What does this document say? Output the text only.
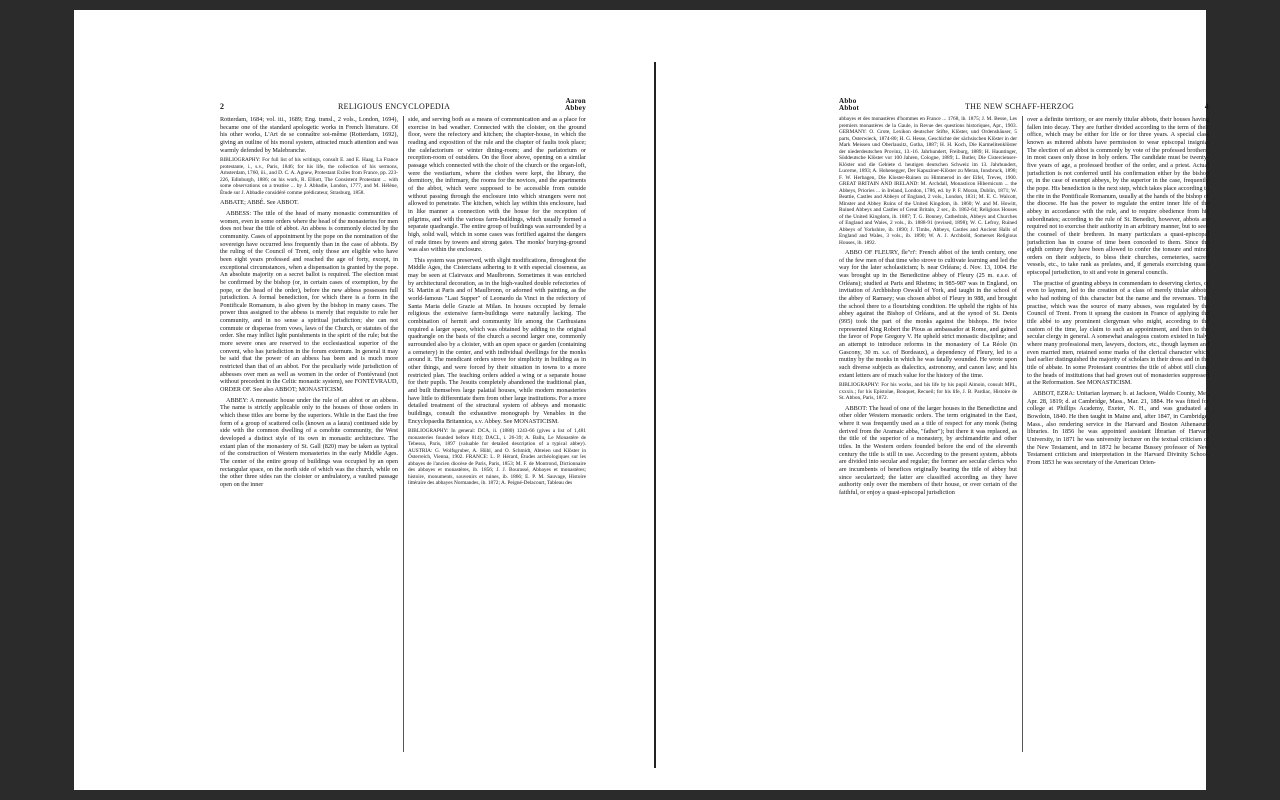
2	RELIGIOUS ENCYCLOPEDIA
Aaron
Abbey

Rotterdam, 1684; vol. iii., 1689; Eng. transl., 2 vols., London, 1694), became one of the standard apologetic works in French literature. Of his other works, L'Art de se connaître soi-même (Rotterdam, 1692), giving an outline of his moral system, attracted much attention and was warmly defended by Malebranche.

BIBLIOGRAPHY: For full list of his writings, consult E. and E. Haag, La France protestante, i., s.v., Paris, 1846; for his life, the collection of his sermons, Amsterdam, 1760, iii., and D. C. A. Agnew, Protestant Exiles from France, pp. 223-226, Edinburgh, 1886; on his work, R. Elliott, The Consistent Protestant ... with some observations on a treatise ... by J. Abbadie, London, 1777, and M. Hélène, Étude sur J. Abbadie considéré comme prédicateur, Strasburg, 1858.

ABBATE; ABBÉ. See ABBOT.

ABBESS: The title of the head of many monastic communities of women, even in some orders where the head of the monasteries for men does not bear the title of abbot. An abbess is commonly elected by the community. Cases of appointment by the pope on the nomination of the sovereign have occurred less frequently than in the case of abbots. By the ruling of the Council of Trent, only those are eligible who have been eight years professed and reached the age of forty, except, in exceptional circumstances, when a dispensation is granted by the pope. An absolute majority on a secret ballot is required. The election must be confirmed by the bishop (or, in certain cases of exemption, by the pope, or the head of the order), before the new abbess possesses full jurisdiction. A formal benediction, for which there is a form in the Pontificale Romanum, is also given by the bishop in many cases. The power thus assigned to the abbess is merely that requisite to rule her community, and in no sense a spiritual jurisdiction; she can not commute or dispense from vows, laws of the Church, or statutes of the order. She may inflict light punishments in the spirit of the rule; but the more severe ones are reserved to the ecclesiastical superior of the convent, who has jurisdiction in the forum externum. In general it may be said that the power of an abbess has been and is much more restricted than that of an abbot. For the peculiarly wide jurisdiction of abbesses over men as well as women in the order of Fontévraud (not without precedent in the Celtic monastic system), see FONTÉVRAUD, ORDER OF. See also ABBOT; MONASTICISM.

ABBEY: A monastic house under the rule of an abbot or an abbess. The name is strictly applicable only to the houses of those orders in which these titles are borne by the superiors. While in the East the free form of a group of scattered cells (known as a laura) continued side by side with the common dwelling of a cenobite community, the West developed a distinct style of its own in monastic architecture. The extant plan of the monastery of St. Gall (820) may be taken as typical of the construction of Western monasteries in the early Middle Ages. The center of the entire group of buildings was occupied by an open rectangular space, on the north side of which was the church, while on the other three sides ran the cloister or ambulatory, a vaulted passage open on the inner

side, and serving both as a means of communication and as a place for exercise in bad weather. Connected with the cloister, on the ground floor, were the refectory and kitchen; the chapter-house, in which the reading and exposition of the rule and the chapter of faults took place; the calefactorium or winter dining-room; and the parlatorium or reception-room of outsiders. On the floor above, opening on a similar passage which connected with the choir of the church or the organ-loft, were the vestiarium, where the clothes were kept, the library, the dormitory, the infirmary, the rooms for the novices, and the apartments of the abbot, which were supposed to be accessible from outside without passing through the enclosure into which strangers were not allowed to penetrate. The kitchen, which lay within this enclosure, had in like manner a connection with the house for the reception of pilgrims, and with the various farm-buildings, which usually formed a separate quadrangle. The entire group of buildings was surrounded by a high, solid wall, which in some cases was fortified against the dangers of rude times by towers and strong gates. The monks' burying-ground was also within the enclosure.

This system was preserved, with slight modifications, throughout the Middle Ages, the Cistercians adhering to it with especial closeness, as may be seen at Clairvaux and Maulbronn. Sometimes it was enriched by architectural decoration, as in the high-vaulted double refectories of St. Martin at Paris and of Maulbronn, or adorned with painting, as the world-famous "Last Supper" of Leonardo da Vinci in the refectory of Santa Maria delle Grazie at Milan. In houses occupied by female religious the extensive farm-buildings were naturally lacking. The combination of hermit and community life among the Carthusians required a larger space, which was obtained by adding to the original quadrangle on the basis of the church a second larger one, commonly surrounded also by a cloister, with an open space or garden (containing a cemetery) in the center, and with individual dwellings for the monks around it. The mendicant orders strove for simplicity in building as in other things, and were forced by their situation in towns to a more restricted plan. The teaching orders added a wing or a separate house for their pupils. The Jesuits completely abandoned the traditional plan, and built themselves large palatial houses, while modern monasteries have little to differentiate them from other large institutions. For a more detailed treatment of the structural system of abbeys and monastic buildings, consult the exhaustive monograph by Venables in the Encyclopaedia Britannica, s.v. Abbey. See MONASTICISM.

BIBLIOGRAPHY: In general: DCA, ii. (1880) 1243-66 (gives a list of 1,481 monasteries founded before 814); DACL, i. 26-39; A. Ballu, Le Monastère de Tebessa, Paris, 1897 (valuable for detailed description of a typical abbey). AUSTRIA: G. Wolfsgruber, A. Hübl, and O. Schmidt, Abteien und Klöster in Österreich, Vienna, 1902. FRANCE: L. P. Hérard, Études archéologiques sur les abbayes de l'ancien diocèse de Paris, Paris, 1853; M. F. de Montrond, Dictionnaire des abbayes et monastères, ib. 1856; J. J. Bourassé, Abbayes et monastères; histoire, monuments, souvenirs et ruines, ib. 1866; E. P. M. Sauvage, Histoire littéraire des abbayes Normandes, ib. 1872; A. Peigné-Delacourt, Tableau des

Abbo
Abbot	THE NEW SCHAFF-HERZOG	4

abbayes et des monastères d'hommes en France ... 1768, ib. 1875; J. M. Besse, Les premiers monastères de la Gaule, in Revue des questions historiques, Apr., 1903. GERMANY: O. Grote, Lexikon deutscher Stifte, Klöster, und Ordenshäuser, 5 parts, Osterwieck, 1874-80; H. G. Hesse, Geschichte der sächsischen Klöster in der Mark Meissen und Oberlausitz, Gotha, 1887; H. H. Koch, Die Karmelitenklöster der niederdeutschen Provinz, 13.-16. Jahrhundert, Freiburg, 1889; H. Hauntinger, Süddeutsche Klöster vor 100 Jahren, Cologne, 1889; L. Butler, Die Cistercienser-Klöster und die Gebiete d. heutigen deutschen Schweiz im 13. Jahrhundert, Lucerne, 1893; A. Hohenegger, Der Kapuziner-Klöster zu Meran, Innsbruck, 1898; F. W. Herbagen, Die Kloster-Ruinen zu Himmerod in der Eifel, Treves, 1900. GREAT BRITAIN AND IRELAND: M. Archdall, Monasticon Hibernicum ... the Abbeys, Priories ... in Ireland, London, 1786, ed. by P. F. Moran, Dublin, 1871; W. Beattie, Castles and Abbeys of England, 2 vols., London, 1831; M. E. C. Walcott, Minster and Abbey Ruins of the United Kingdom, ib. 1860; W. and M. Howitt, Ruined Abbeys and Castles of Great Britain, 2 ser., ib. 1862-64; Religious Houses of the United Kingdom, ib. 1887; T. G. Bonney, Cathedrals, Abbeys and Churches of England and Wales, 2 vols., ib. 1888-91 (revised, 1898); W. C. Lefroy, Ruined Abbeys of Yorkshire, ib. 1890; J. Timbs, Abbeys, Castles and Ancient Halls of England and Wales, 3 vols., ib. 1890; W. A. J. Archbold, Somerset Religious Houses, ib. 1892.

ABBO OF FLEURY, fle"ri': French abbot of the tenth century, one of the few men of that time who strove to cultivate learning and led the way for the later scholasticism; b. near Orléans; d. Nov. 13, 1004. He was brought up in the Benedictine abbey of Fleury (25 m. e.s.e. of Orléans); studied at Paris and Rheims; in 985-987 was in England, on invitation of Archbishop Oswald of York, and taught in the school of the abbey of Ramsey; was chosen abbot of Fleury in 988, and brought the school there to a flourishing condition. He upheld the rights of his abbey against the Bishop of Orléans, and at the synod of St. Denis (995) took the part of the monks against the bishops. He twice represented King Robert the Pious as ambassador at Rome, and gained the favor of Pope Gregory V. He upheld strict monastic discipline; and an attempt to introduce reforms in the monastery of La Réole (in Gascony, 30 m. s.e. of Bordeaux), a dependency of Fleury, led to a mutiny by the monks in which he was fatally wounded. He wrote upon such diverse subjects as dialectics, astronomy, and canon law; and his extant letters are of much value for the history of the time.

BIBLIOGRAPHY: For his works, and his life by his pupil Aimoin, consult MPL, cxxxix.; for his Epistolae, Bouquet, Recueil; for his life, J. B. Pardiac, Histoire de St. Abbon, Paris, 1872.

ABBOT: The head of one of the larger houses in the Benedictine and other older Western monastic orders. The term originated in the East, where it was frequently used as a title of respect for any monk (being derived from the Aramaic abba, "father"); but there it was replaced, as the title of the superior of a monastery, by archimandrite and other titles. In the Western orders founded before the end of the eleventh century the title is still in use. According to the present system, abbots are divided into secular and regular; the former are secular clerics who are incumbents of benefices originally bearing the title of abbey but since secularized; the latter are classified according as they have authority only over the members of their house, or over certain of the faithful, or enjoy a quasi-episcopal jurisdiction

over a definite territory, or are merely titular abbots, their houses having fallen into decay. They are further divided according to the term of their office, which may be either for life or for three years. A special class known as mitered abbots have permission to wear episcopal insignia. The election of an abbot is commonly by vote of the professed brothers, in most cases only those in holy orders. The candidate must be twenty-five years of age, a professed brother of the order, and a priest. Actual jurisdiction is not conferred until his confirmation either by the bishop or, in the case of exempt abbeys, by the superior in the case, frequently the pope. His benediction is the next step, which takes place according to the rite in the Pontificale Romanum, usually at the hands of the bishop of the diocese. He has the power to regulate the entire inner life of the abbey in accordance with the rule, and to require obedience from his subordinates; according to the rule of St. Benedict, however, abbots are required not to exercise their authority in an arbitrary manner, but to seek the counsel of their brethren. In many particulars a quasi-episcopal jurisdiction has in course of time been conceded to them. Since the eighth century they have been allowed to confer the tonsure and minor orders on their subjects, to bless their churches, cemeteries, sacred vessels, etc., to take rank as prelates, and, if generals exercising quasi-episcopal jurisdiction, to sit and vote in general councils.

The practise of granting abbeys in commendam to deserving clerics, or even to laymen, led to the creation of a class of merely titular abbots, who had nothing of this character but the name and the revenues. This practise, which was the source of many abuses, was regulated by the Council of Trent. From it sprang the custom in France of applying the title abbé to any prominent clergyman who might, according to the custom of the time, lay claim to such an appointment, and then to the secular clergy in general. A somewhat analogous custom existed in Italy, where many professional men, lawyers, doctors, etc., though laymen and even married men, retained some marks of the clerical character which had earlier distinguished the majority of scholars in their dress and in the title of abbate. In some Protestant countries the title of abbot still clung to the heads of institutions that had grown out of monasteries suppressed at the Reformation. See MONASTICISM.

ABBOT, EZRA: Unitarian layman; b. at Jackson, Waldo County, Me., Apr. 28, 1819; d. at Cambridge, Mass., Mar. 21, 1884. He was fitted for college at Phillips Academy, Exeter, N. H., and was graduated at Bowdoin, 1840. He then taught in Maine and, after 1847, in Cambridge, Mass., also rendering service in the Harvard and Boston Athenaeum libraries. In 1856 he was appointed assistant librarian of Harvard University, in 1871 he was university lecturer on the textual criticism of the New Testament, and in 1872 he became Bussey professor of New Testament criticism and interpretation in the Harvard Divinity School. From 1853 he was secretary of the American Orien-
